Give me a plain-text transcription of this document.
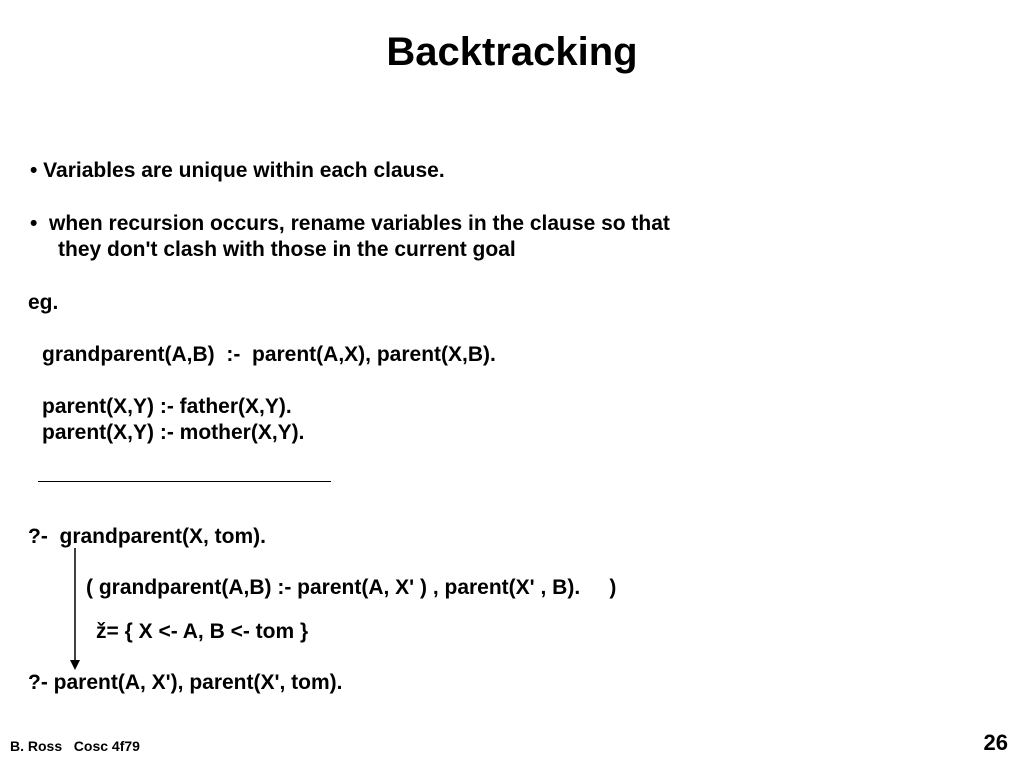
Backtracking
• Variables are unique within each clause.
•  when recursion occurs, rename variables in the clause so that
they don't clash with those in the current goal
eg.
grandparent(A,B)  :-  parent(A,X), parent(X,B).
parent(X,Y) :- father(X,Y).
parent(X,Y) :- mother(X,Y).
?-  grandparent(X, tom).
( grandparent(A,B) :- parent(A, X' ) , parent(X' , B).     )
ž= { X <- A, B <- tom }
?- parent(A, X'), parent(X', tom).
B. Ross   Cosc 4f79	26
